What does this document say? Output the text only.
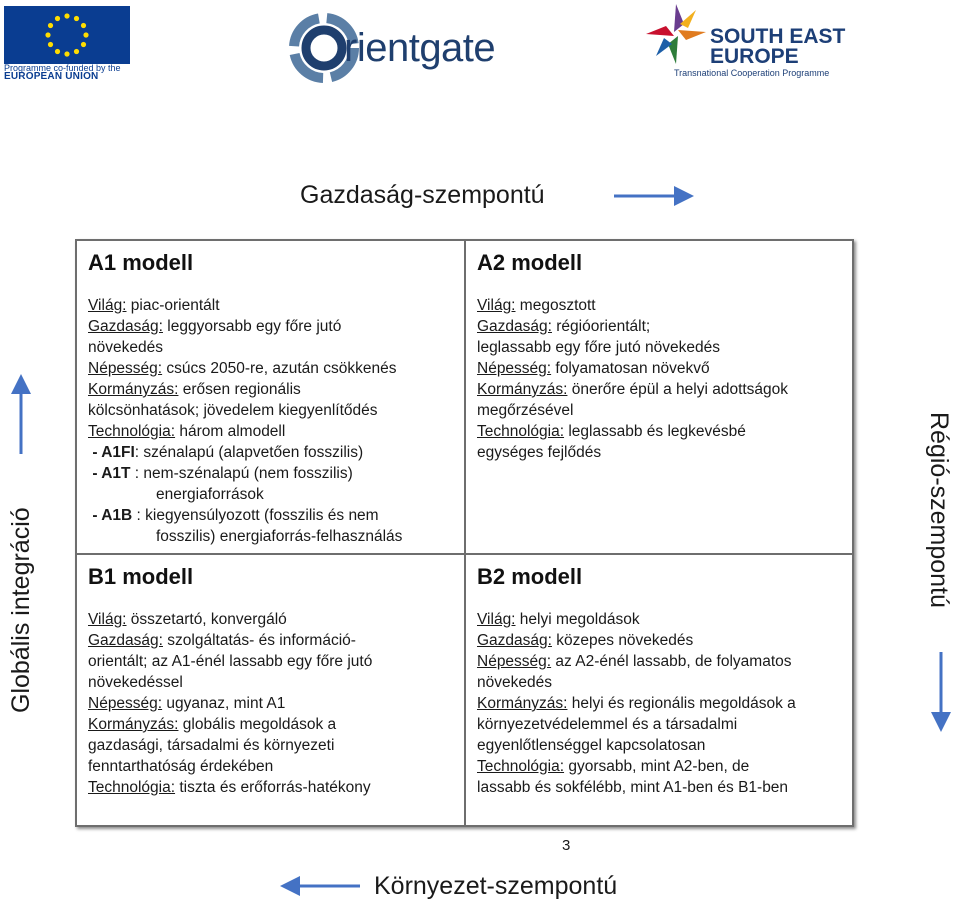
Programme co-funded by the
EUROPEAN UNION
rientgate	SOUTH EAST
EUROPE
Transnational Cooperation Programme
Gazdaság-szempontú
Környezet-szempontú
Globális integráció	Régió-szempontú
A1 modell
Világ: piac-orientált
Gazdaság: leggyorsabb egy főre jutó
növekedés
Népesség: csúcs 2050-re, azután csökkenés
Kormányzás: erősen regionális
kölcsönhatások; jövedelem kiegyenlítődés
Technológia: három almodell
- A1FI: szénalapú (alapvetően fosszilis)
- A1T : nem-szénalapú (nem fosszilis)
energiaforrások
- A1B : kiegyensúlyozott (fosszilis és nem
fosszilis) energiaforrás-felhasználás
A2 modell
Világ: megosztott
Gazdaság: régióorientált;
leglassabb egy főre jutó növekedés
Népesség: folyamatosan növekvő
Kormányzás: önerőre épül a helyi adottságok
megőrzésével
Technológia: leglassabb és legkevésbé
egységes fejlődés
B1 modell
Világ: összetartó, konvergáló
Gazdaság: szolgáltatás- és információ-
orientált; az A1-énél lassabb egy főre jutó
növekedéssel
Népesség: ugyanaz, mint A1
Kormányzás: globális megoldások a
gazdasági, társadalmi és környezeti
fenntarthatóság érdekében
Technológia: tiszta és erőforrás-hatékony
B2 modell
Világ: helyi megoldások
Gazdaság: közepes növekedés
Népesség: az A2-énél lassabb, de folyamatos
növekedés
Kormányzás: helyi és regionális megoldások a
környezetvédelemmel és a társadalmi
egyenlőtlenséggel kapcsolatosan
Technológia: gyorsabb, mint A2-ben, de
lassabb és sokfélébb, mint A1-ben és B1-ben
3
